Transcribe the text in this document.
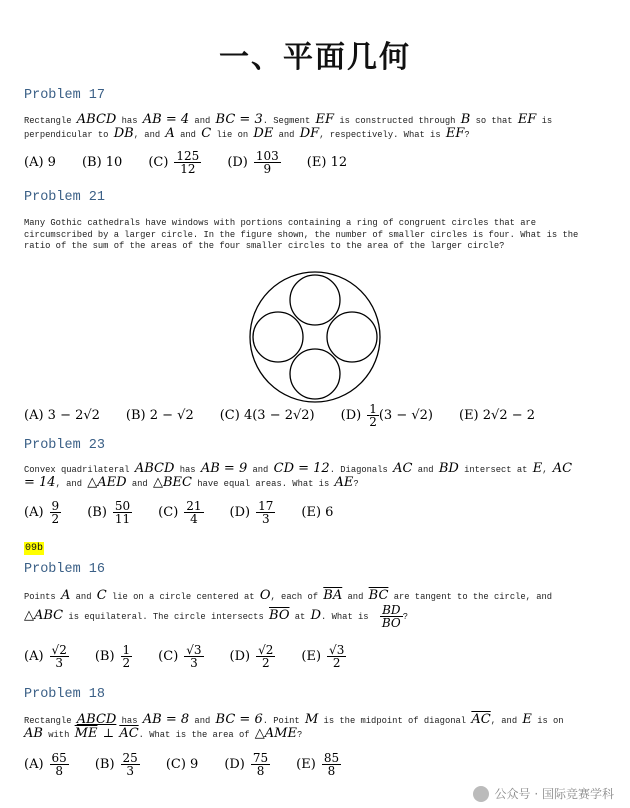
一、平面几何
Problem 17
Rectangle ABCD has AB = 4 and BC = 3. Segment EF is constructed through B so that EF is perpendicular to DB, and A and C lie on DE and DF, respectively. What is EF?
(A) 9 (B) 10 $(C) \frac{125}{12} (D) \frac{103}{9} (E)$ 12
Problem 21
Many Gothic cathedrals have windows with portions containing a ring of congruent circles that are circumscribed by a larger circle. In the figure shown, the number of smaller circles is four. What is the ratio of the sum of the areas of the four smaller circles to the area of the larger circle?
(A) 3 − 2√2 (B) 2 − √2 (C) 4(3 − 2√2) $(D) \frac{1}{2} (3 - √2)$ (E) 2√2 − 2
Problem 23
Convex quadrilateral ABCD has AB = 9 and CD = 12. Diagonals AC and BD intersect at E, AC = 14, and △AED and △BEC have equal areas. What is AE?
$(A) \frac{9}{2} (B) \frac{50}{11} (C) \frac{21}{4} (D) \frac{17}{3} (E)$ 6
09b
Problem 16
Points A and C lie on a circle centered at O, each of $\overline{BA}$ and $\overline{BC}$ are tangent to the circle, and △ABC is equilateral. The circle intersects $\overline{BO}$ at D. What is $\frac{BD}{BO}$ ?
$(A) \frac{√2}{3} (B) \frac{1}{2} (C) \frac{√3}{3} (D) \frac{√2}{2} (E) \frac{√3}{2}$
Problem 18
Rectangle ABCD has AB = 8 and BC = 6. Point M is the midpoint of diagonal $\overline{AC}$, and E is on AB with $\overline{ME}$ ⊥ $\overline{AC}$. What is the area of △AME?
$(A) \frac{65}{8} (B) \frac{25}{3} (C)$ 9 $(D) \frac{75}{8} (E) \frac{85}{8}$
公众号 · 国际竞赛学科
